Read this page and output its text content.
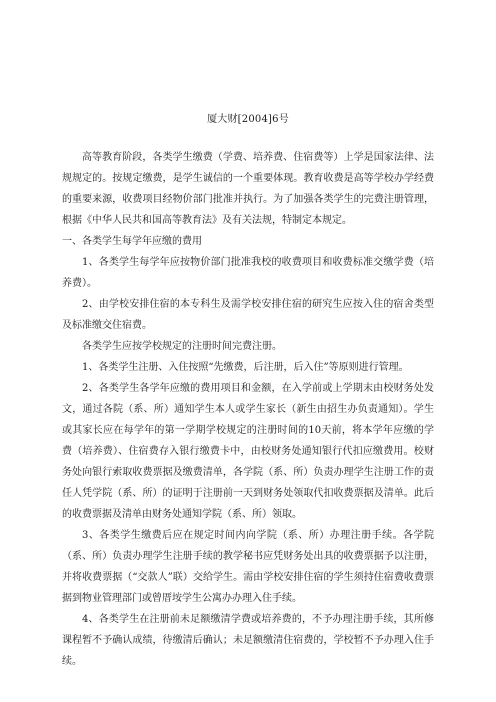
厦大财[2004]6号

高等教育阶段，各类学生缴费（学费、培养费、住宿费等）上学是国家法律、法规规定的。按规定缴费，是学生诚信的一个重要体现。教育收费是高等学校办学经费的重要来源，收费项目经物价部门批准并执行。为了加强各类学生的完费注册管理，根据《中华人民共和国高等教育法》及有关法规，特制定本规定。

一、各类学生每学年应缴的费用

1、各类学生每学年应按物价部门批准我校的收费项目和收费标准交缴学费（培养费）。

2、由学校安排住宿的本专科生及需学校安排住宿的研究生应按入住的宿舍类型及标准缴交住宿费。

各类学生应按学校规定的注册时间完费注册。

1、各类学生注册、入住按照“先缴费，后注册，后入住”等原则进行管理。

2、各类学生各学年应缴的费用项目和金额，在入学前或上学期末由校财务处发文，通过各院（系、所）通知学生本人或学生家长（新生由招生办负责通知）。学生或其家长应在每学年的第一学期学校规定的注册时间的10天前，将本学年应缴的学费（培养费）、住宿费存入银行缴费卡中，由校财务处通知银行代扣应缴费用。校财务处向银行索取收费票据及缴费清单，各学院（系、所）负责办理学生注册工作的责任人凭学院（系、所）的证明于注册前一天到财务处领取代扣收费票据及清单。此后的收费票据及清单由财务处通知学院（系、所）领取。

3、各类学生缴费后应在规定时间内向学院（系、所）办理注册手续。各学院（系、所）负责办理学生注册手续的教学秘书应凭财务处出具的收费票据予以注册，并将收费票据（“交款人”联）交给学生。需由学校安排住宿的学生须持住宿费收费票据到物业管理部门或曾厝垵学生公寓办办理入住手续。

4、各类学生在注册前未足额缴清学费或培养费的，不予办理注册手续，其所修课程暂不予确认成绩，待缴清后确认；未足额缴清住宿费的，学校暂不予办理入住手续。
